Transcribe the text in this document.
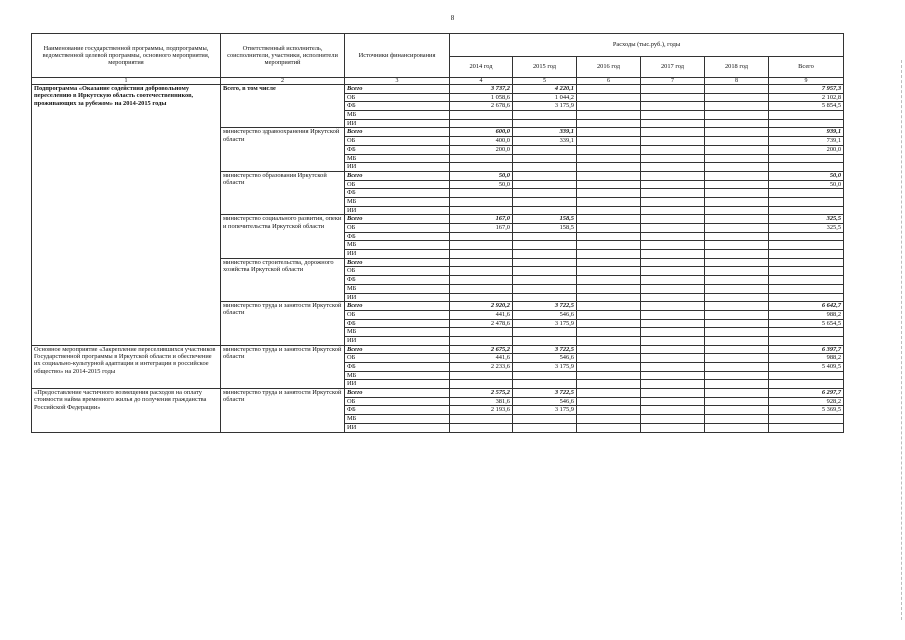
8
Наименование государственной программы, подпрограммы, ведомственной целевой программы, основного мероприятия, мероприятия	Ответственный исполнитель, соисполнители, участники, исполнители мероприятий	Источники финансирования	Расходы (тыс.руб.), годы					
			2014 год	2015 год	2016 год	2017 год	2018 год	Всего
1	2	3	4	5	6	7	8	9
Подпрограмма «Оказание содействия добровольному переселению в Иркутскую область соотечественников, проживающих за рубежом» на 2014-2015 годы	Всего, в том числе	Всего	3 737,2	4 220,1				7 957,3
		ОБ	1 058,6	1 044,2				2 102,8
		ФБ	2 678,6	3 175,9				5 854,5
		МБ						
		ИИ						
	министерство здравоохранения Иркутской области	Всего	600,0	339,1				939,1
		ОБ	400,0	339,1				739,1
		ФБ	200,0					200,0
		МБ						
		ИИ						
	министерство образования Иркутской области	Всего	50,0					50,0
		ОБ	50,0					50,0
		ФБ						
		МБ						
		ИИ						
	министерство социального развития, опеки и попечительства Иркутской области	Всего	167,0	158,5				325,5
		ОБ	167,0	158,5				325,5
		ФБ						
		МБ						
		ИИ						
	министерство строительства, дорожного хозяйства Иркутской области	Всего						
		ОБ						
		ФБ						
		МБ						
		ИИ						
	министерство труда и занятости Иркутской области	Всего	2 920,2	3 722,5				6 642,7
		ОБ	441,6	546,6				988,2
		ФБ	2 478,6	3 175,9				5 654,5
		МБ						
		ИИ						
Основное мероприятие «Закрепление переселившихся участников Государственной программы в Иркутской области и обеспечение их социально-культурной адаптации и интеграции в российское общество» на 2014-2015 годы	министерство труда и занятости Иркутской области	Всего	2 675,2	3 722,5				6 397,7
		ОБ	441,6	546,6				988,2
		ФБ	2 233,6	3 175,9				5 409,5
		МБ						
		ИИ						
«Предоставление частичного возмещения расходов на оплату стоимости найма временного жилья до получения гражданства Российской Федерации»	министерство труда и занятости Иркутской области	Всего	2 575,2	3 722,5				6 297,7
		ОБ	381,6	546,6				928,2
		ФБ	2 193,6	3 175,9				5 369,5
		МБ						
		ИИ						
